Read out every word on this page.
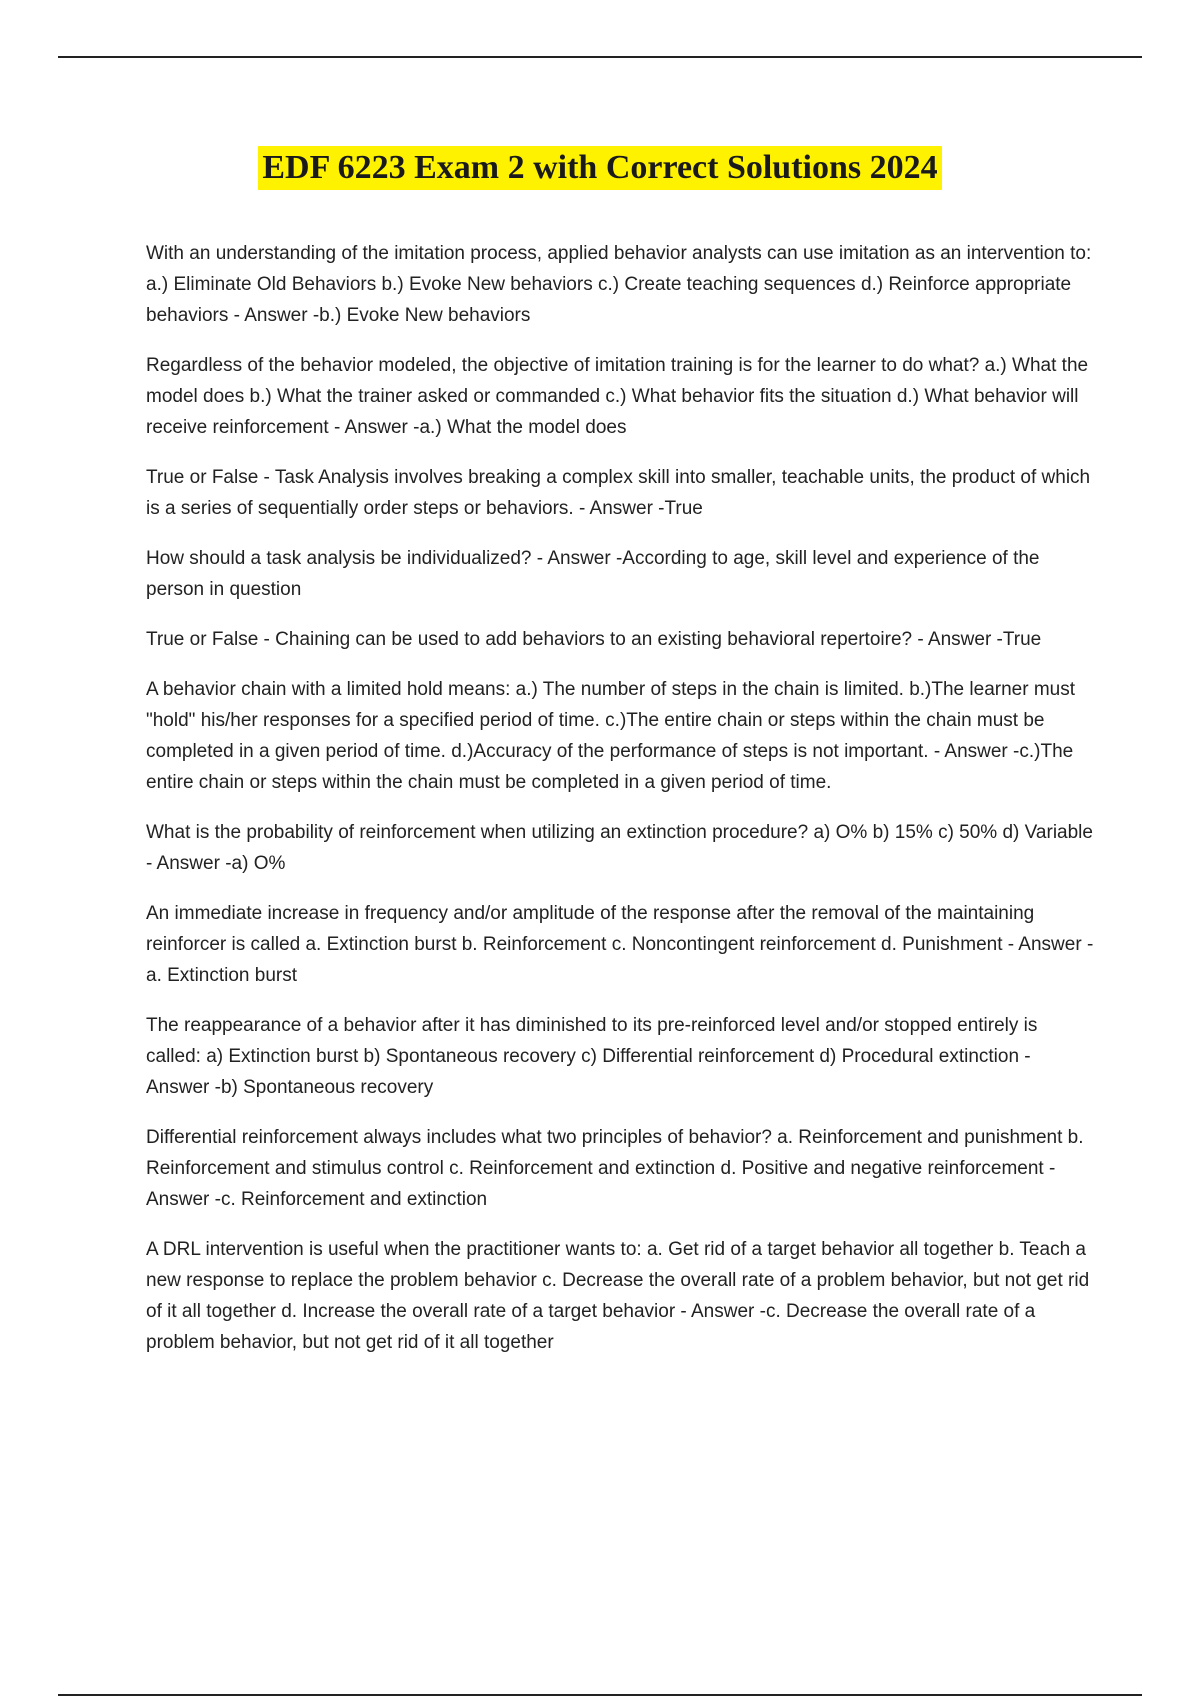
EDF 6223 Exam 2 with Correct Solutions 2024
With an understanding of the imitation process, applied behavior analysts can use imitation as an intervention to: a.) Eliminate Old Behaviors b.) Evoke New behaviors c.) Create teaching sequences d.) Reinforce appropriate behaviors - Answer -b.) Evoke New behaviors
Regardless of the behavior modeled, the objective of imitation training is for the learner to do what? a.) What the model does b.) What the trainer asked or commanded c.) What behavior fits the situation d.) What behavior will receive reinforcement - Answer -a.) What the model does
True or False - Task Analysis involves breaking a complex skill into smaller, teachable units, the product of which is a series of sequentially order steps or behaviors. - Answer -True
How should a task analysis be individualized? - Answer -According to age, skill level and experience of the person in question
True or False - Chaining can be used to add behaviors to an existing behavioral repertoire? - Answer -True
A behavior chain with a limited hold means: a.) The number of steps in the chain is limited. b.)The learner must "hold" his/her responses for a specified period of time. c.)The entire chain or steps within the chain must be completed in a given period of time. d.)Accuracy of the performance of steps is not important. - Answer -c.)The entire chain or steps within the chain must be completed in a given period of time.
What is the probability of reinforcement when utilizing an extinction procedure? a) O% b) 15% c) 50% d) Variable - Answer -a) O%
An immediate increase in frequency and/or amplitude of the response after the removal of the maintaining reinforcer is called a. Extinction burst b. Reinforcement c. Noncontingent reinforcement d. Punishment - Answer -a. Extinction burst
The reappearance of a behavior after it has diminished to its pre-reinforced level and/or stopped entirely is called: a) Extinction burst b) Spontaneous recovery c) Differential reinforcement d) Procedural extinction - Answer -b) Spontaneous recovery
Differential reinforcement always includes what two principles of behavior? a. Reinforcement and punishment b. Reinforcement and stimulus control c. Reinforcement and extinction d. Positive and negative reinforcement - Answer -c. Reinforcement and extinction
A DRL intervention is useful when the practitioner wants to: a. Get rid of a target behavior all together b. Teach a new response to replace the problem behavior c. Decrease the overall rate of a problem behavior, but not get rid of it all together d. Increase the overall rate of a target behavior - Answer -c. Decrease the overall rate of a problem behavior, but not get rid of it all together
